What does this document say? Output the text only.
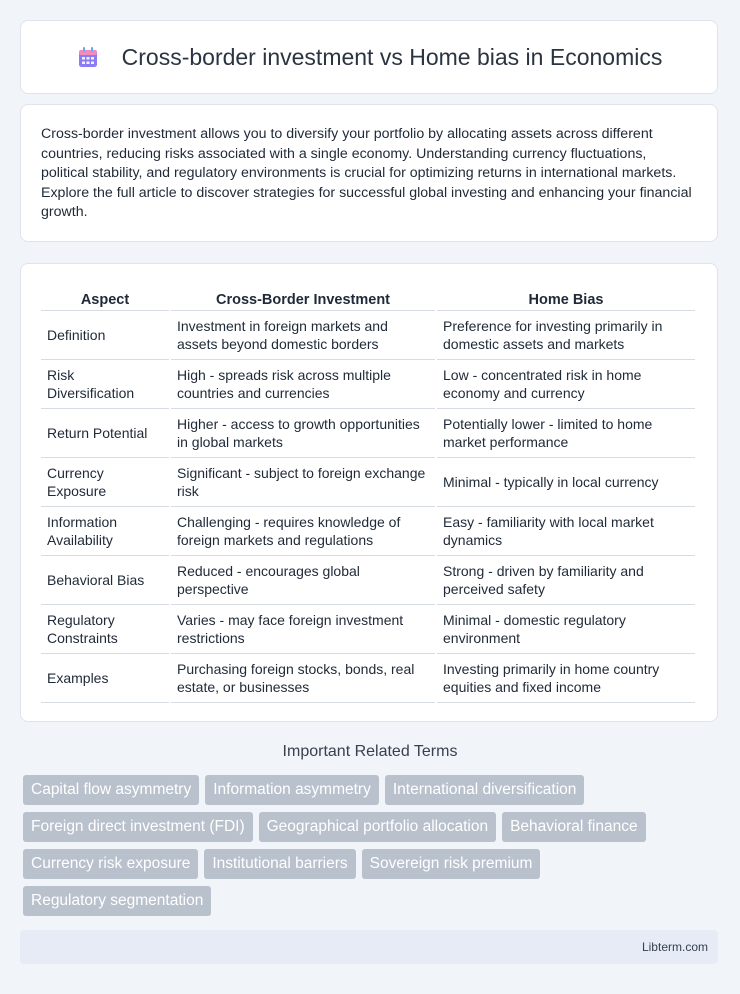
Cross-border investment vs Home bias in Economics

Cross-border investment allows you to diversify your portfolio by allocating assets across different countries, reducing risks associated with a single economy. Understanding currency fluctuations, political stability, and regulatory environments is crucial for optimizing returns in international markets. Explore the full article to discover strategies for successful global investing and enhancing your financial growth.

Aspect	Cross-Border Investment	Home Bias
Definition	Investment in foreign markets and assets beyond domestic borders	Preference for investing primarily in domestic assets and markets
Risk Diversification	High - spreads risk across multiple countries and currencies	Low - concentrated risk in home economy and currency
Return Potential	Higher - access to growth opportunities in global markets	Potentially lower - limited to home market performance
Currency Exposure	Significant - subject to foreign exchange risk	Minimal - typically in local currency
Information Availability	Challenging - requires knowledge of foreign markets and regulations	Easy - familiarity with local market dynamics
Behavioral Bias	Reduced - encourages global perspective	Strong - driven by familiarity and perceived safety
Regulatory Constraints	Varies - may face foreign investment restrictions	Minimal - domestic regulatory environment
Examples	Purchasing foreign stocks, bonds, real estate, or businesses	Investing primarily in home country equities and fixed income
Important Related Terms
Capital flow asymmetry	Information asymmetry	International diversification
Foreign direct investment (FDI)	Geographical portfolio allocation	Behavioral finance
Currency risk exposure	Institutional barriers	Sovereign risk premium
Regulatory segmentation
Libterm.com
